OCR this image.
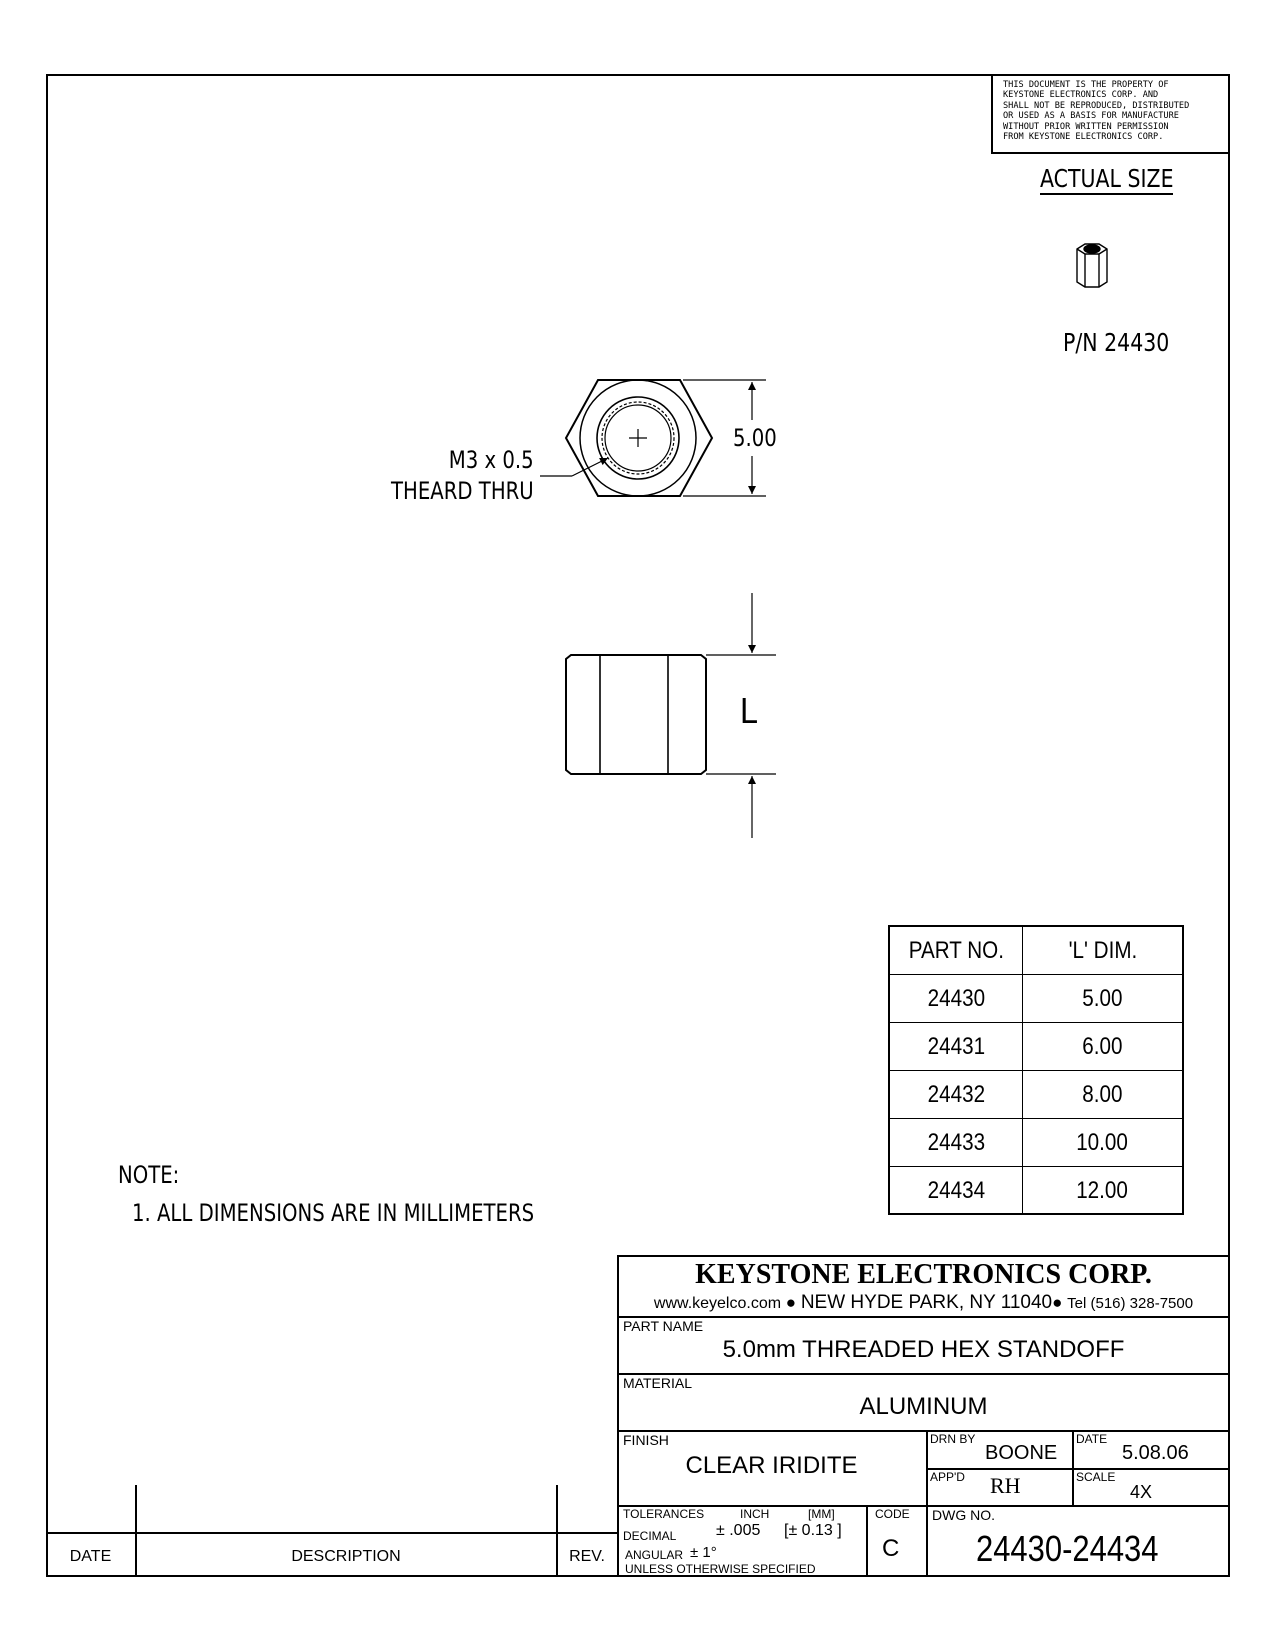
THIS DOCUMENT IS THE PROPERTY OF
KEYSTONE ELECTRONICS CORP. AND
SHALL NOT BE REPRODUCED, DISTRIBUTED
OR USED AS A BASIS FOR MANUFACTURE
WITHOUT PRIOR WRITTEN PERMISSION
FROM KEYSTONE ELECTRONICS CORP.
ACTUAL SIZE
P/N 24430
M3 x 0.5
THEARD THRU
5.00
L
NOTE:
1. ALL DIMENSIONS ARE IN MILLIMETERS
PART NO.	'L' DIM.
24430	5.00
24431	6.00
24432	8.00
24433	10.00
24434	12.00
KEYSTONE ELECTRONICS CORP.
www.keyelco.com ● NEW HYDE PARK, NY 11040● Tel (516) 328-7500
PART NAME
5.0mm THREADED HEX STANDOFF
MATERIAL
ALUMINUM
FINISH
CLEAR IRIDITE
DRN BY
BOONE
DATE
5.08.06
APP'D RH	SCALE
4X
TOLERANCES	INCH	[MM]
DECIMAL ± .005 [± 0.13 ]
ANGULAR ± 1°
UNLESS OTHERWISE SPECIFIED
CODE
C
DWG NO.
24430-24434
DATE	DESCRIPTION	REV.
